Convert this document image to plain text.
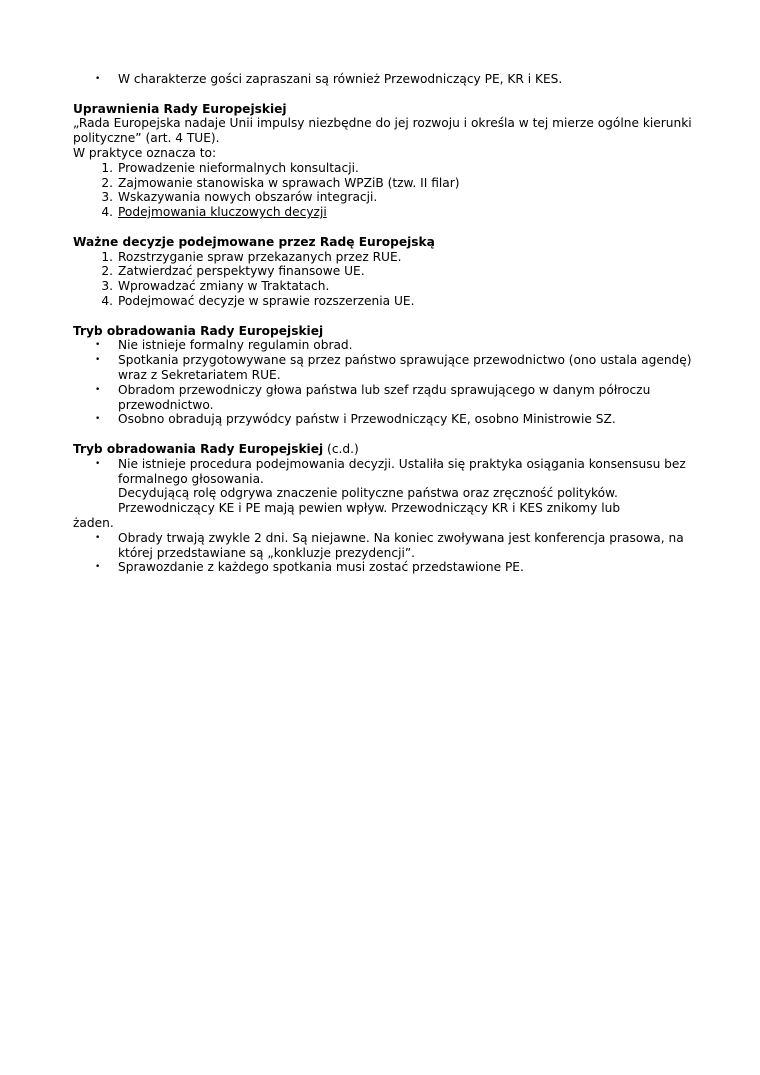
• W charakterze gości zapraszani są również Przewodniczący PE, KR i KES.

Uprawnienia Rady Europejskiej

„Rada Europejska nadaje Unii impulsy niezbędne do jej rozwoju i określa w tej mierze ogólne kierunki polityczne” (art. 4 TUE).

W praktyce oznacza to:

1. Prowadzenie nieformalnych konsultacji.
2. Zajmowanie stanowiska w sprawach WPZiB (tzw. II filar)
3. Wskazywania nowych obszarów integracji.
4. Podejmowania kluczowych decyzji

Ważne decyzje podejmowane przez Radę Europejską

1. Rozstrzyganie spraw przekazanych przez RUE.
2. Zatwierdzać perspektywy finansowe UE.
3. Wprowadzać zmiany w Traktatach.
4. Podejmować decyzje w sprawie rozszerzenia UE.

Tryb obradowania Rady Europejskiej

• Nie istnieje formalny regulamin obrad.
• Spotkania przygotowywane są przez państwo sprawujące przewodnictwo (ono ustala agendę) wraz z Sekretariatem RUE.
• Obradom przewodniczy głowa państwa lub szef rządu sprawującego w danym półroczu przewodnictwo.
• Osobno obradują przywódcy państw i Przewodniczący KE, osobno Ministrowie SZ.

Tryb obradowania Rady Europejskiej (c.d.)

• Nie istnieje procedura podejmowania decyzji. Ustaliła się praktyka osiągania konsensusu bez formalnego głosowania.

Decydującą rolę odgrywa znaczenie polityczne państwa oraz zręczność polityków.

Przewodniczący KE i PE mają pewien wpływ. Przewodniczący KR i KES znikomy lub

żaden.

• Obrady trwają zwykle 2 dni. Są niejawne. Na koniec zwoływana jest konferencja prasowa, na której przedstawiane są „konkluzje prezydencji”.
• Sprawozdanie z każdego spotkania musi zostać przedstawione PE.
